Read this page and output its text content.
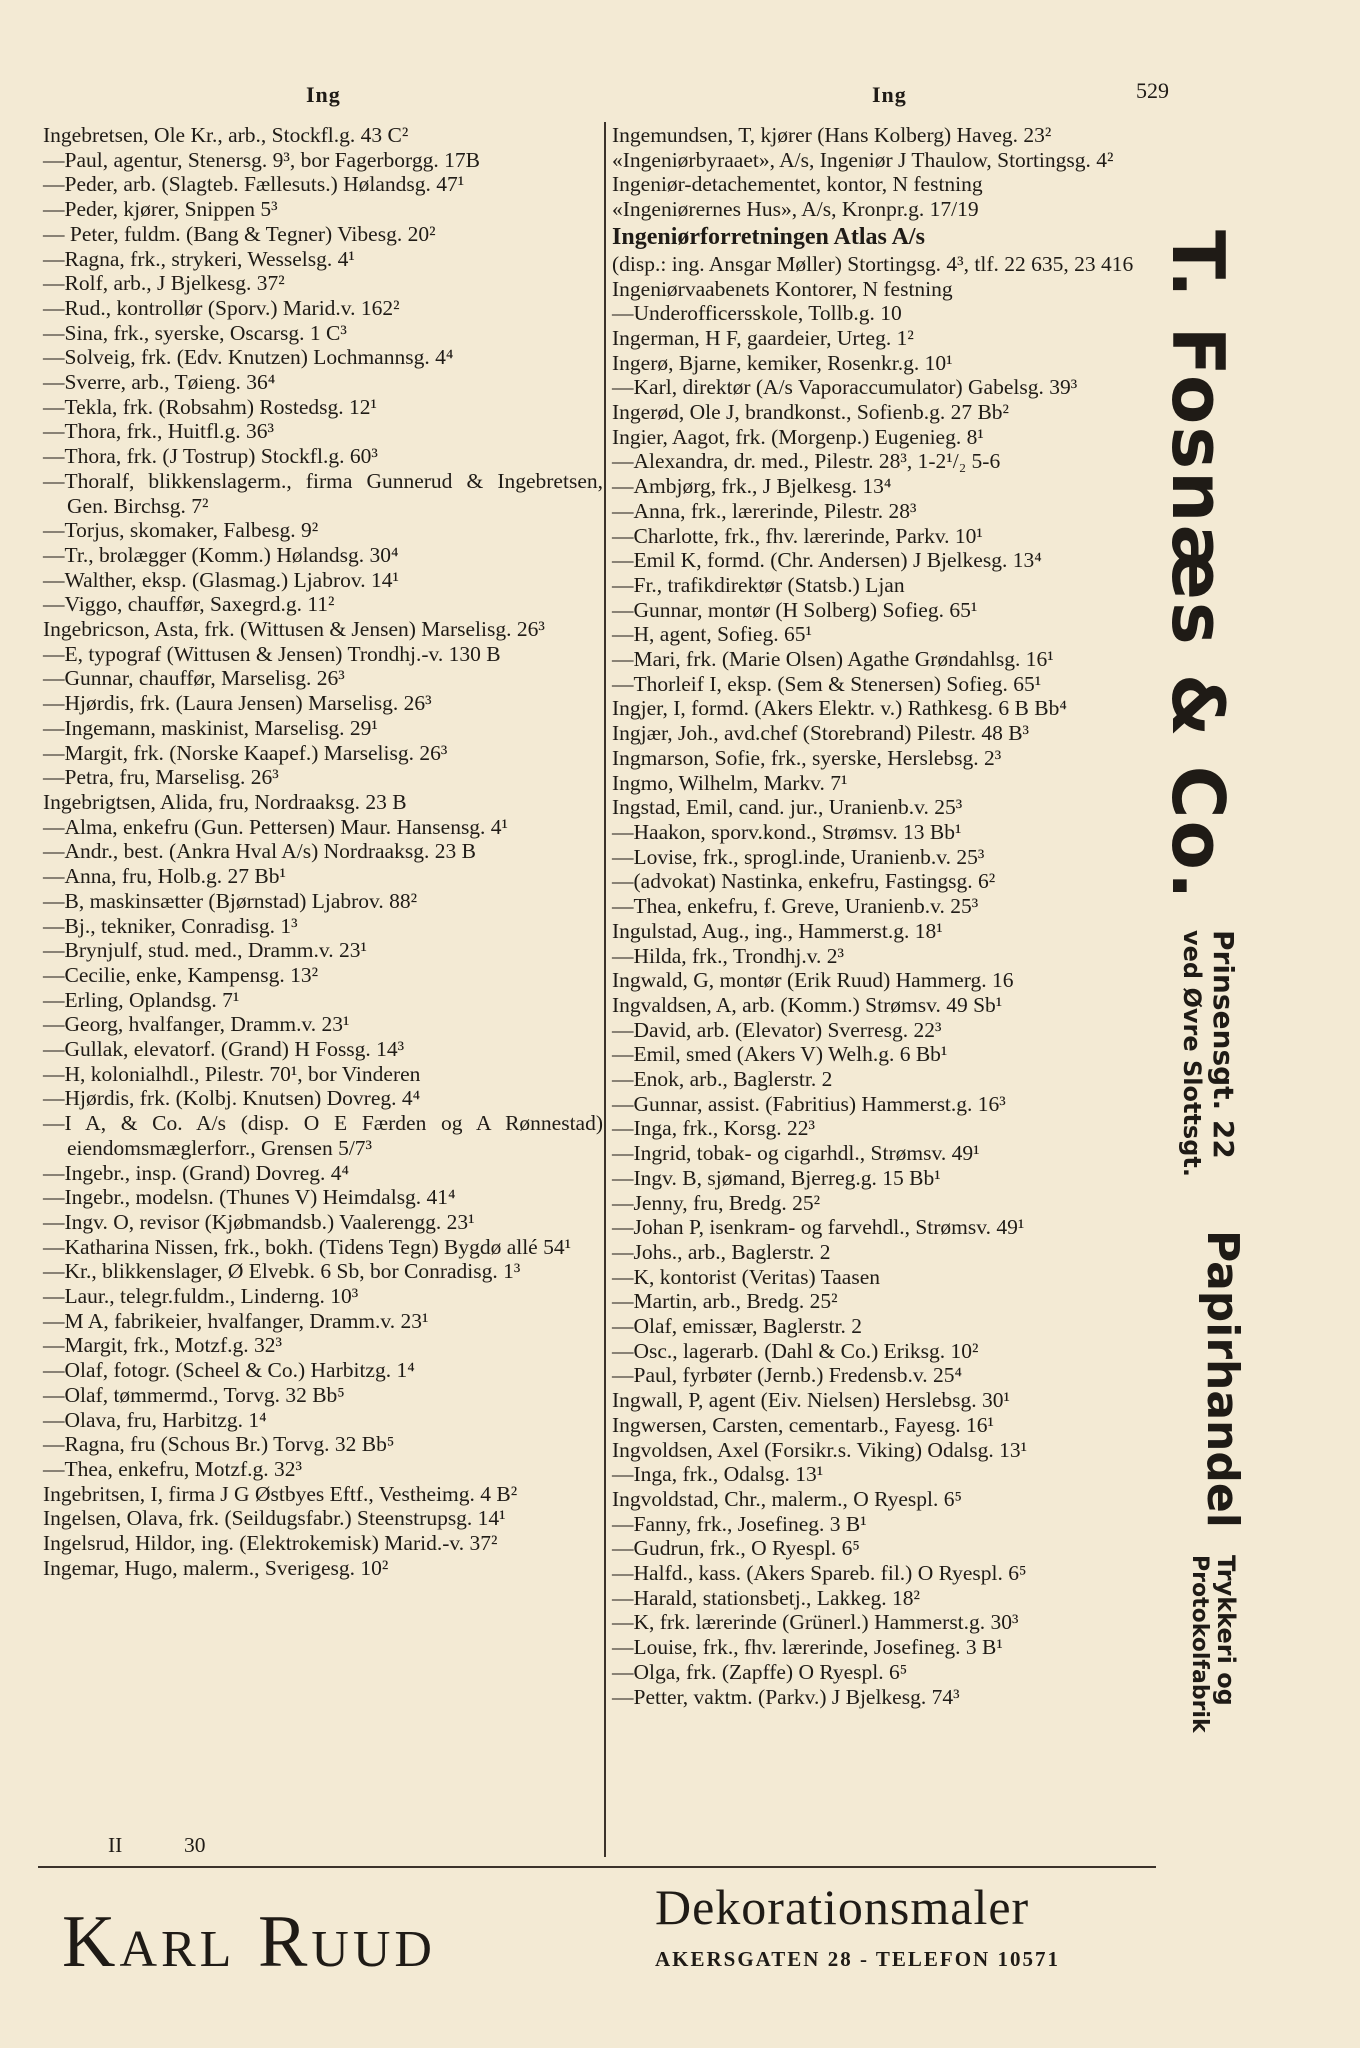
Ing	Ing	529

Ingebretsen, Ole Kr., arb., Stockfl.g. 43 C²

—Paul, agentur, Stenersg. 9³, bor Fagerborgg. 17B

—Peder, arb. (Slagteb. Fællesuts.) Hølandsg. 47¹

—Peder, kjører, Snippen 5³

— Peter, fuldm. (Bang & Tegner) Vibesg. 20²

—Ragna, frk., strykeri, Wesselsg. 4¹

—Rolf, arb., J Bjelkesg. 37²

—Rud., kontrollør (Sporv.) Marid.v. 162²

—Sina, frk., syerske, Oscarsg. 1 C³

—Solveig, frk. (Edv. Knutzen) Lochmannsg. 4⁴

—Sverre, arb., Tøieng. 36⁴

—Tekla, frk. (Robsahm) Rostedsg. 12¹

—Thora, frk., Huitfl.g. 36³

—Thora, frk. (J Tostrup) Stockfl.g. 60³

—Thoralf, blikkenslagerm., firma Gunnerud & Ingebretsen, Gen. Birchsg. 7²

—Torjus, skomaker, Falbesg. 9²

—Tr., brolægger (Komm.) Hølandsg. 30⁴

—Walther, eksp. (Glasmag.) Ljabrov. 14¹

—Viggo, chauffør, Saxegrd.g. 11²

Ingebricson, Asta, frk. (Wittusen & Jensen) Marselisg. 26³

—E, typograf (Wittusen & Jensen) Trondhj.-v. 130 B

—Gunnar, chauffør, Marselisg. 26³

—Hjørdis, frk. (Laura Jensen) Marselisg. 26³

—Ingemann, maskinist, Marselisg. 29¹

—Margit, frk. (Norske Kaapef.) Marselisg. 26³

—Petra, fru, Marselisg. 26³

Ingebrigtsen, Alida, fru, Nordraaksg. 23 B

—Alma, enkefru (Gun. Pettersen) Maur. Hansensg. 4¹

—Andr., best. (Ankra Hval A/s) Nordraaksg. 23 B

—Anna, fru, Holb.g. 27 Bb¹

—B, maskinsætter (Bjørnstad) Ljabrov. 88²

—Bj., tekniker, Conradisg. 1³

—Brynjulf, stud. med., Dramm.v. 23¹

—Cecilie, enke, Kampensg. 13²

—Erling, Oplandsg. 7¹

—Georg, hvalfanger, Dramm.v. 23¹

—Gullak, elevatorf. (Grand) H Fossg. 14³

—H, kolonialhdl., Pilestr. 70¹, bor Vinderen

—Hjørdis, frk. (Kolbj. Knutsen) Dovreg. 4⁴

—I A, & Co. A/s (disp. O E Færden og A Rønnestad) eiendomsmæglerforr., Grensen 5/7³

—Ingebr., insp. (Grand) Dovreg. 4⁴

—Ingebr., modelsn. (Thunes V) Heimdalsg. 41⁴

—Ingv. O, revisor (Kjøbmandsb.) Vaalerengg. 23¹

—Katharina Nissen, frk., bokh. (Tidens Tegn) Bygdø allé 54¹

—Kr., blikkenslager, Ø Elvebk. 6 Sb, bor Conradisg. 1³

—Laur., telegr.fuldm., Linderng. 10³

—M A, fabrikeier, hvalfanger, Dramm.v. 23¹

—Margit, frk., Motzf.g. 32³

—Olaf, fotogr. (Scheel & Co.) Harbitzg. 1⁴

—Olaf, tømmermd., Torvg. 32 Bb⁵

—Olava, fru, Harbitzg. 1⁴

—Ragna, fru (Schous Br.) Torvg. 32 Bb⁵

—Thea, enkefru, Motzf.g. 32³

Ingebritsen, I, firma J G Østbyes Eftf., Vestheimg. 4 B²

Ingelsen, Olava, frk. (Seildugsfabr.) Steenstrupsg. 14¹

Ingelsrud, Hildor, ing. (Elektrokemisk) Marid.-v. 37²

Ingemar, Hugo, malerm., Sverigesg. 10²

Ingemundsen, T, kjører (Hans Kolberg) Haveg. 23²

«Ingeniørbyraaet», A/s, Ingeniør J Thaulow, Stortingsg. 4²

Ingeniør-detachementet, kontor, N festning

«Ingeniørernes Hus», A/s, Kronpr.g. 17/19

Ingeniørforretningen Atlas A/s

(disp.: ing. Ansgar Møller) Stortingsg. 4³, tlf. 22 635, 23 416

Ingeniørvaabenets Kontorer, N festning

—Underofficersskole, Tollb.g. 10

Ingerman, H F, gaardeier, Urteg. 1²

Ingerø, Bjarne, kemiker, Rosenkr.g. 10¹

—Karl, direktør (A/s Vaporaccumulator) Gabelsg. 39³

Ingerød, Ole J, brandkonst., Sofienb.g. 27 Bb²

Ingier, Aagot, frk. (Morgenp.) Eugenieg. 8¹

—Alexandra, dr. med., Pilestr. 28³, 1-2¹/₂ 5-6

—Ambjørg, frk., J Bjelkesg. 13⁴

—Anna, frk., lærerinde, Pilestr. 28³

—Charlotte, frk., fhv. lærerinde, Parkv. 10¹

—Emil K, formd. (Chr. Andersen) J Bjelkesg. 13⁴

—Fr., trafikdirektør (Statsb.) Ljan

—Gunnar, montør (H Solberg) Sofieg. 65¹

—H, agent, Sofieg. 65¹

—Mari, frk. (Marie Olsen) Agathe Grøndahlsg. 16¹

—Thorleif I, eksp. (Sem & Stenersen) Sofieg. 65¹

Ingjer, I, formd. (Akers Elektr. v.) Rathkesg. 6 B Bb⁴

Ingjær, Joh., avd.chef (Storebrand) Pilestr. 48 B³

Ingmarson, Sofie, frk., syerske, Herslebsg. 2³

Ingmo, Wilhelm, Markv. 7¹

Ingstad, Emil, cand. jur., Uranienb.v. 25³

—Haakon, sporv.kond., Strømsv. 13 Bb¹

—Lovise, frk., sprogl.inde, Uranienb.v. 25³

—(advokat) Nastinka, enkefru, Fastingsg. 6²

—Thea, enkefru, f. Greve, Uranienb.v. 25³

Ingulstad, Aug., ing., Hammerst.g. 18¹

—Hilda, frk., Trondhj.v. 2³

Ingwald, G, montør (Erik Ruud) Hammerg. 16

Ingvaldsen, A, arb. (Komm.) Strømsv. 49 Sb¹

—David, arb. (Elevator) Sverresg. 22³

—Emil, smed (Akers V) Welh.g. 6 Bb¹

—Enok, arb., Baglerstr. 2

—Gunnar, assist. (Fabritius) Hammerst.g. 16³

—Inga, frk., Korsg. 22³

—Ingrid, tobak- og cigarhdl., Strømsv. 49¹

—Ingv. B, sjømand, Bjerreg.g. 15 Bb¹

—Jenny, fru, Bredg. 25²

—Johan P, isenkram- og farvehdl., Strømsv. 49¹

—Johs., arb., Baglerstr. 2

—K, kontorist (Veritas) Taasen

—Martin, arb., Bredg. 25²

—Olaf, emissær, Baglerstr. 2

—Osc., lagerarb. (Dahl & Co.) Eriksg. 10²

—Paul, fyrbøter (Jernb.) Fredensb.v. 25⁴

Ingwall, P, agent (Eiv. Nielsen) Herslebsg. 30¹

Ingwersen, Carsten, cementarb., Fayesg. 16¹

Ingvoldsen, Axel (Forsikr.s. Viking) Odalsg. 13¹

—Inga, frk., Odalsg. 13¹

Ingvoldstad, Chr., malerm., O Ryespl. 6⁵

—Fanny, frk., Josefineg. 3 B¹

—Gudrun, frk., O Ryespl. 6⁵

—Halfd., kass. (Akers Spareb. fil.) O Ryespl. 6⁵

—Harald, stationsbetj., Lakkeg. 18²

—K, frk. lærerinde (Grünerl.) Hammerst.g. 30³

—Louise, frk., fhv. lærerinde, Josefineg. 3 B¹

—Olga, frk. (Zapffe) O Ryespl. 6⁵

—Petter, vaktm. (Parkv.) J Bjelkesg. 74³

II	30
T. Fosnæs & Co.
Prinsensgt. 22
ved Øvre Slottsgt.
Papirhandel
Trykkeri og
Protokolfabrik
Karl Ruud	Dekorationsmaler
AKERSGATEN 28 - TELEFON 10571
